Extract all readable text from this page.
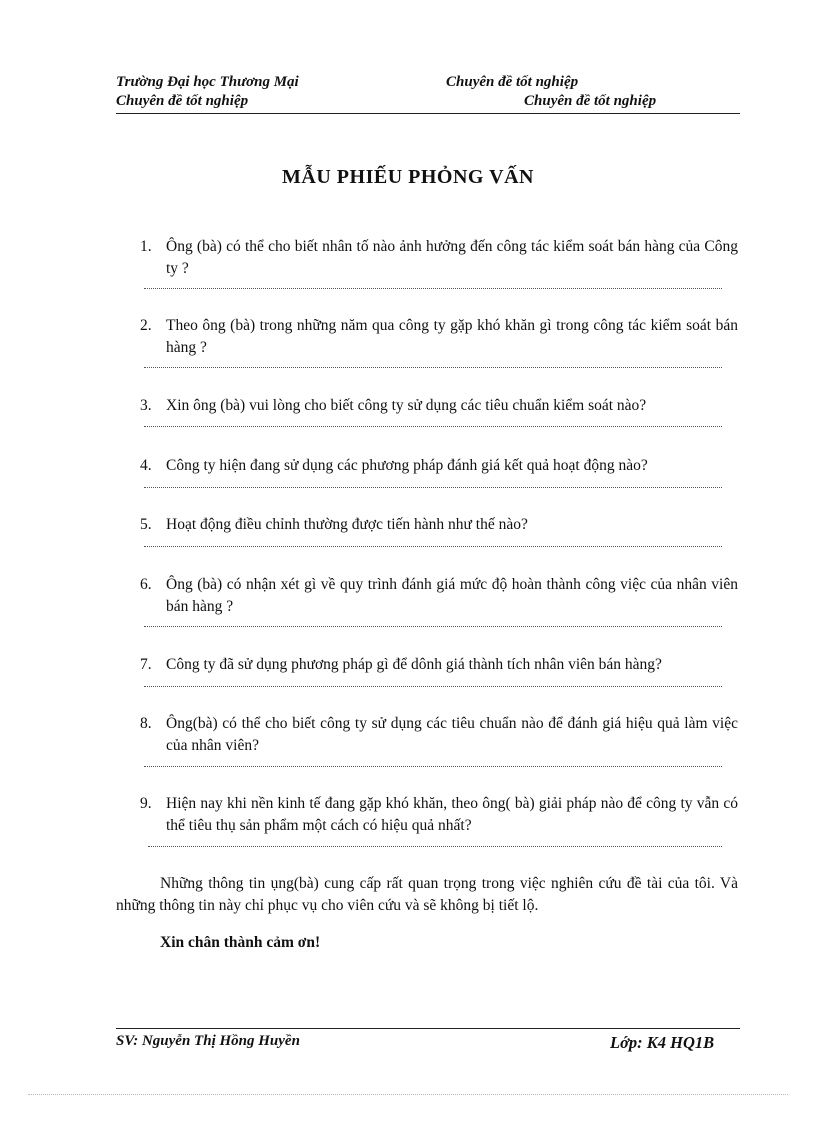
Trường Đại học Thương Mại	Chuyên đề tốt nghiệp
Chuyên đề tốt nghiệp	Chuyên đề tốt nghiệp
MẪU PHIẾU PHỎNG VẤN
1. Ông (bà) có thể cho biết nhân tố nào ảnh hưởng đến công tác kiểm soát bán hàng của Công ty ?
2. Theo ông (bà) trong những năm qua công ty gặp khó khăn gì trong công tác kiểm soát bán hàng ?
3. Xin ông (bà) vui lòng cho biết công ty sử dụng các tiêu chuẩn kiểm soát nào?
4. Công ty hiện đang sử dụng các phương pháp đánh giá kết quả hoạt động nào?
5. Hoạt động điều chỉnh thường được tiến hành như thế nào?
6. Ông (bà) có nhận xét gì về quy trình đánh giá mức độ hoàn thành công việc của nhân viên bán hàng ?
7. Công ty đã sử dụng phương pháp gì để dônh giá thành tích nhân viên bán hàng?
8. Ông(bà) có thể cho biết công ty sử dụng các tiêu chuẩn nào để đánh giá hiệu quả làm việc của nhân viên?
9. Hiện nay khi nền kinh tế đang gặp khó khăn, theo ông( bà) giải pháp nào để công ty vẫn có thể tiêu thụ sản phẩm một cách có hiệu quả nhất?
Những thông tin ụng(bà) cung cấp rất quan trọng trong việc nghiên cứu đề tài của tôi. Và những thông tin này chỉ phục vụ cho viên cứu và sẽ không bị tiết lộ.
Xin chân thành cảm ơn!
SV: Nguyễn Thị Hồng Huyền	Lớp: K4 HQ1B
